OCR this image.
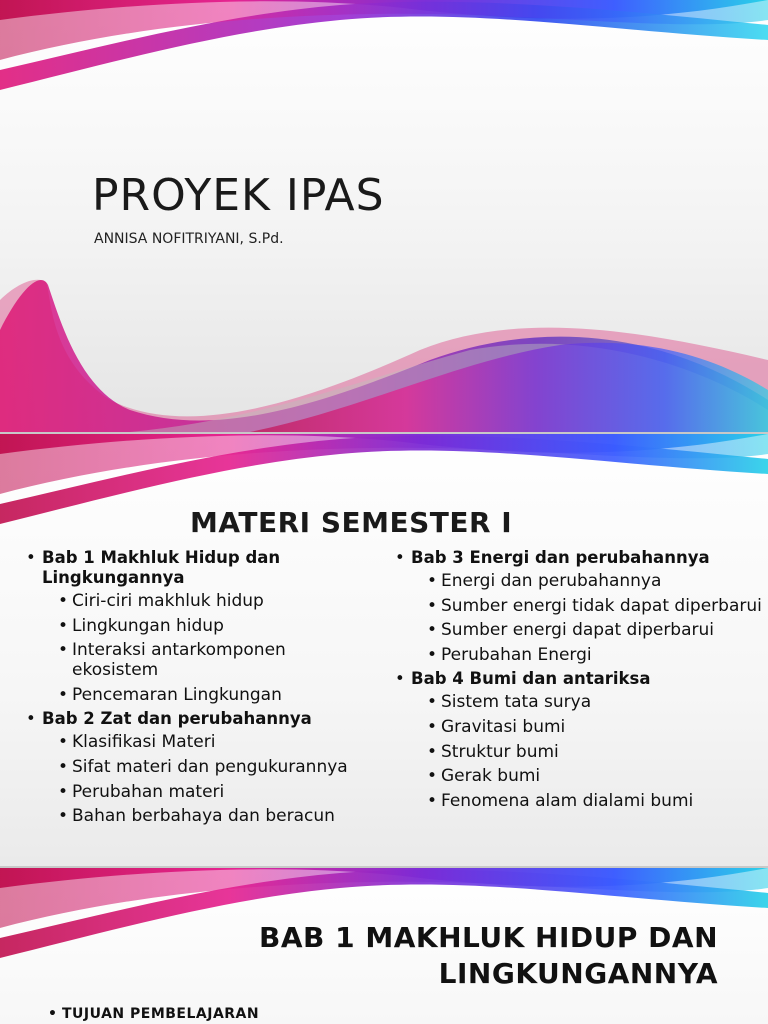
PROYEK IPAS
ANNISA NOFITRIYANI, S.Pd.
MATERI SEMESTER I
• Bab 1 Makhluk Hidup dan Lingkungannya
• Ciri-ciri makhluk hidup
• Lingkungan hidup
• Interaksi antarkomponen ekosistem
• Pencemaran Lingkungan
• Bab 2 Zat dan perubahannya
• Klasifikasi Materi
• Sifat materi dan pengukurannya
• Perubahan materi
• Bahan berbahaya dan beracun
• Bab 3 Energi dan perubahannya
• Energi dan perubahannya
• Sumber energi tidak dapat diperbarui
• Sumber energi dapat diperbarui
• Perubahan Energi
• Bab 4 Bumi dan antariksa
• Sistem tata surya
• Gravitasi bumi
• Struktur bumi
• Gerak bumi
• Fenomena alam dialami bumi
BAB 1 MAKHLUK HIDUP DAN
LINGKUNGANNYA
• TUJUAN PEMBELAJARAN
